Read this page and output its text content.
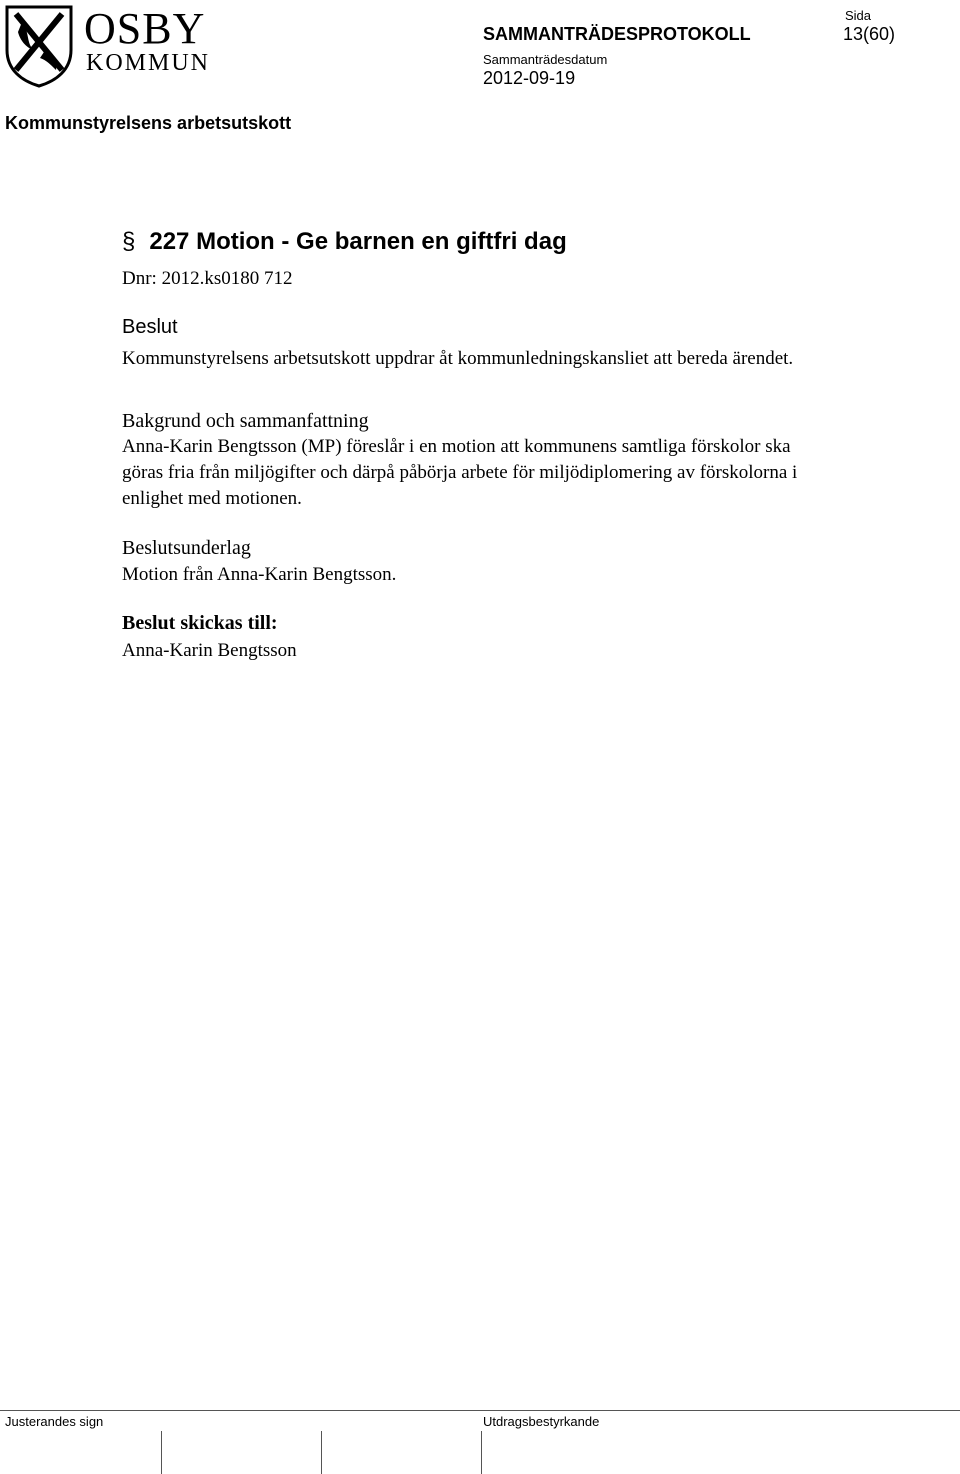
OSBY
KOMMUN
SAMMANTRÄDESPROTOKOLL
Sammanträdesdatum
2012-09-19
Sida
13(60)
Kommunstyrelsens arbetsutskott
§ 227 Motion - Ge barnen en giftfri dag
Dnr: 2012.ks0180 712
Beslut
Kommunstyrelsens arbetsutskott uppdrar åt kommunledningskansliet att bereda ärendet.
Bakgrund och sammanfattning
Anna-Karin Bengtsson (MP) föreslår i en motion att kommunens samtliga förskolor ska göras fria från miljögifter och därpå påbörja arbete för miljödiplomering av förskolorna i enlighet med motionen.
Beslutsunderlag
Motion från Anna-Karin Bengtsson.
Beslut skickas till:
Anna-Karin Bengtsson
Justerandes sign	Utdragsbestyrkande
